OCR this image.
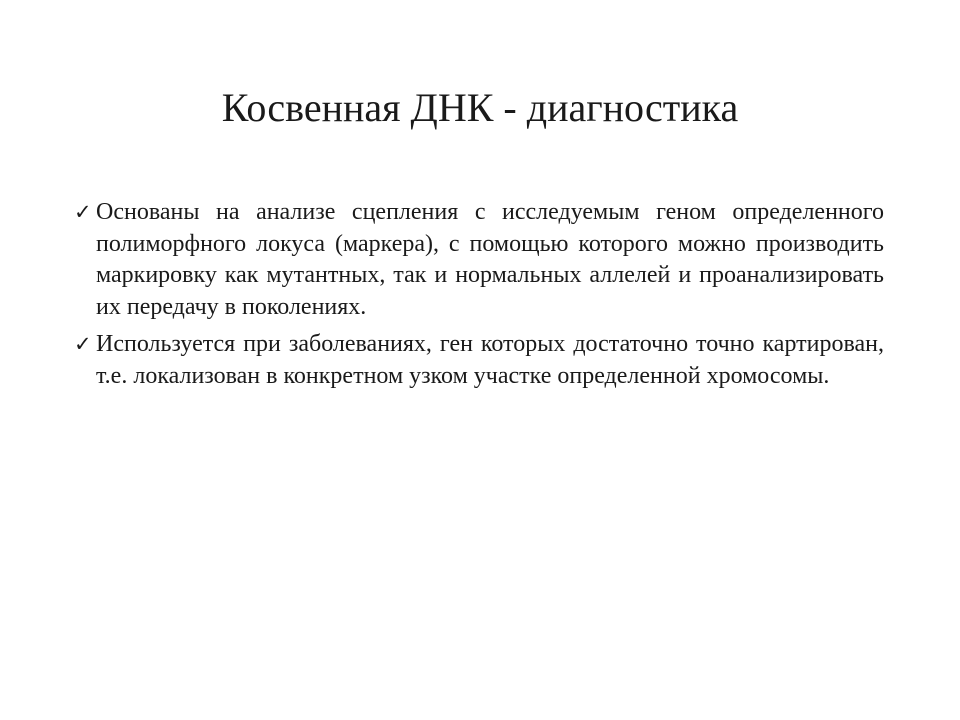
Косвенная ДНК - диагностика
✓ Основаны на анализе сцепления с исследуемым геном определенного полиморфного локуса (маркера), с помощью которого можно производить маркировку как мутантных, так и нормальных аллелей и проанализировать их передачу в поколениях.
✓ Используется при заболеваниях, ген которых достаточно точно картирован, т.е. локализован в конкретном узком участке определенной хромосомы.
